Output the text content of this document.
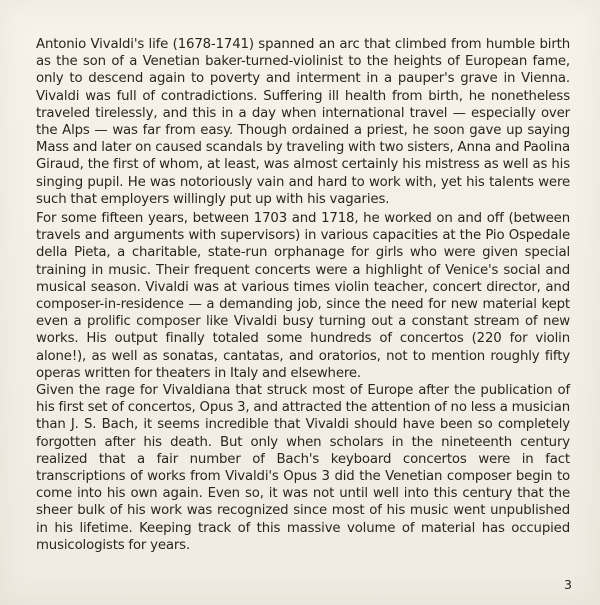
Antonio Vivaldi's life (1678-1741) spanned an arc that climbed from humble birth as the son of a Venetian baker-turned-violinist to the heights of European fame, only to descend again to poverty and interment in a pauper's grave in Vienna. Vivaldi was full of contradictions. Suffering ill health from birth, he nonetheless traveled tirelessly, and this in a day when international travel — especially over the Alps — was far from easy. Though ordained a priest, he soon gave up saying Mass and later on caused scandals by traveling with two sisters, Anna and Paolina Giraud, the first of whom, at least, was almost certainly his mistress as well as his singing pupil. He was notoriously vain and hard to work with, yet his talents were such that employers willingly put up with his vagaries.

For some fifteen years, between 1703 and 1718, he worked on and off (between travels and arguments with supervisors) in various capacities at the Pio Ospedale della Pieta, a charitable, state-run orphanage for girls who were given special training in music. Their frequent concerts were a highlight of Venice's social and musical season. Vivaldi was at various times violin teacher, concert director, and composer-in-residence — a demanding job, since the need for new material kept even a prolific composer like Vivaldi busy turning out a constant stream of new works. His output finally totaled some hundreds of concertos (220 for violin alone!), as well as sonatas, cantatas, and oratorios, not to mention roughly fifty operas written for theaters in Italy and elsewhere.

Given the rage for Vivaldiana that struck most of Europe after the publication of his first set of concertos, Opus 3, and attracted the attention of no less a musician than J. S. Bach, it seems incredible that Vivaldi should have been so completely forgotten after his death. But only when scholars in the nineteenth century realized that a fair number of Bach's keyboard concertos were in fact transcriptions of works from Vivaldi's Opus 3 did the Venetian composer begin to come into his own again. Even so, it was not until well into this century that the sheer bulk of his work was recognized since most of his music went unpublished in his lifetime. Keeping track of this massive volume of material has occupied musicologists for years.

3
